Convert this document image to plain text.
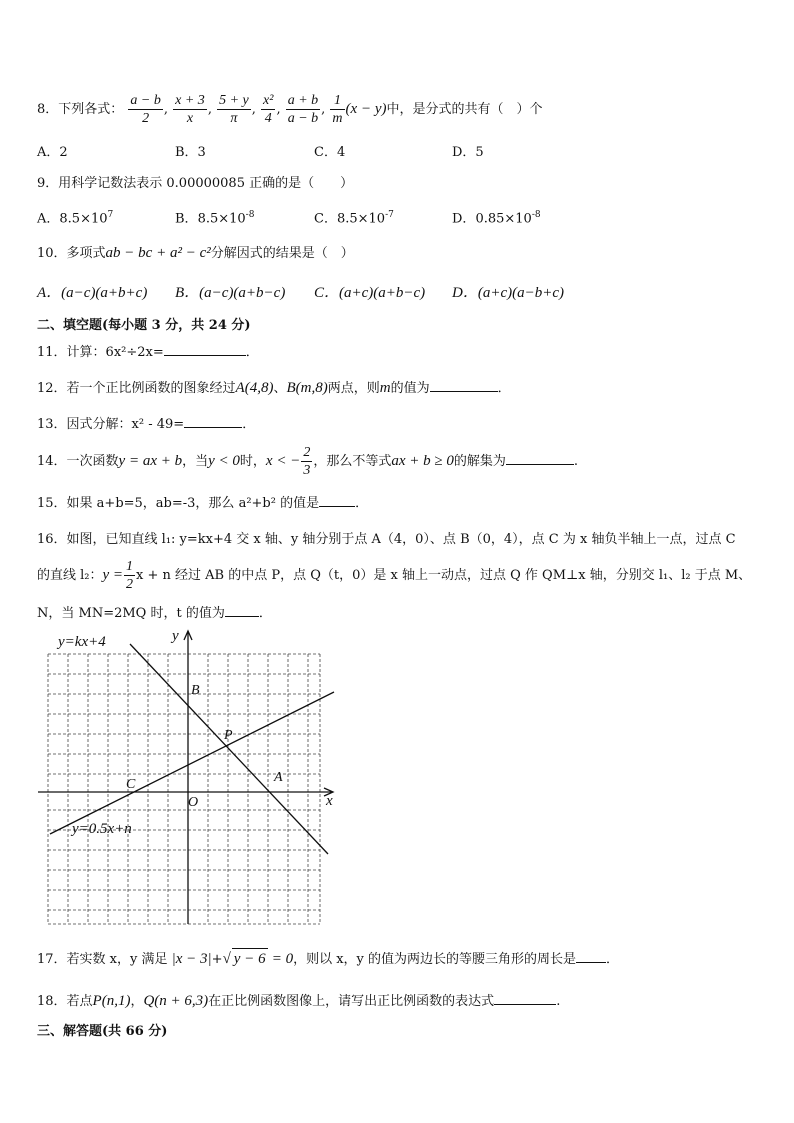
8．下列各式： $\frac{a - b}{2}$ , $\frac{x + 3}{x}$ , $\frac{5 + y}{\pi}$ , $\frac{\text{x²}}{4}$ , $\frac{a + b}{a - b}$ , $\frac{1}{m} (x - y)$中，是分式的共有（　）个
A．2	B．3	C．4	D．5
9．用科学记数法表示 0.00000085 正确的是（　　）
A．$8.5\times 10^7$	B．$8.5\times 10^{-8}$	C．$8.5\times 10^{-7}$	D．$0.85\times 10^{-8}$
10．多项式ab − bc + a² − c²分解因式的结果是（　）
A．(a−c)(a+b+c) B．(a−c)(a+b−c) C．(a+c)(a+b−c) D．(a+c)(a−b+c)
二、填空题(每小题 3 分，共 24 分)
11．计算：6x²÷2x=	．
12．若一个正比例函数的图象经过A(4,8)、B(m,8)两点，则m的值为	．
13．因式分解：x² - 49=	．
14．一次函数y = ax + b，当y < 0时，x < − $\frac{2}{3}$ ，那么不等式ax + b ≥ 0的解集为	.
15．如果 a+b=5，ab=-3，那么 a²+b² 的值是	．
16．如图，已知直线 l₁: y=kx+4 交 x 轴、y 轴分别于点 A（4，0）、点 B（0，4），点 C 为 x 轴负半轴上一点，过点 C
的直线 l₂：$y = \frac{1}{2}$ x + n 经过 AB 的中点 P，点 Q（t，0）是 x 轴上一动点，过点 Q 作 QM⊥x 轴，分别交 l₁、l₂ 于点 M、
N，当 MN=2MQ 时，t 的值为	．
y=kx+4
y=0.5x+n
x
y
O
A
B
C
P
17．若实数 x，y 满足 |x − 3|+√ y − 6 = 0，则以 x，y 的值为两边长的等腰三角形的周长是 ．
18．若点P(n,1)，Q(n + 6,3)在正比例函数图像上，请写出正比例函数的表达式	.
三、解答题(共 66 分)
